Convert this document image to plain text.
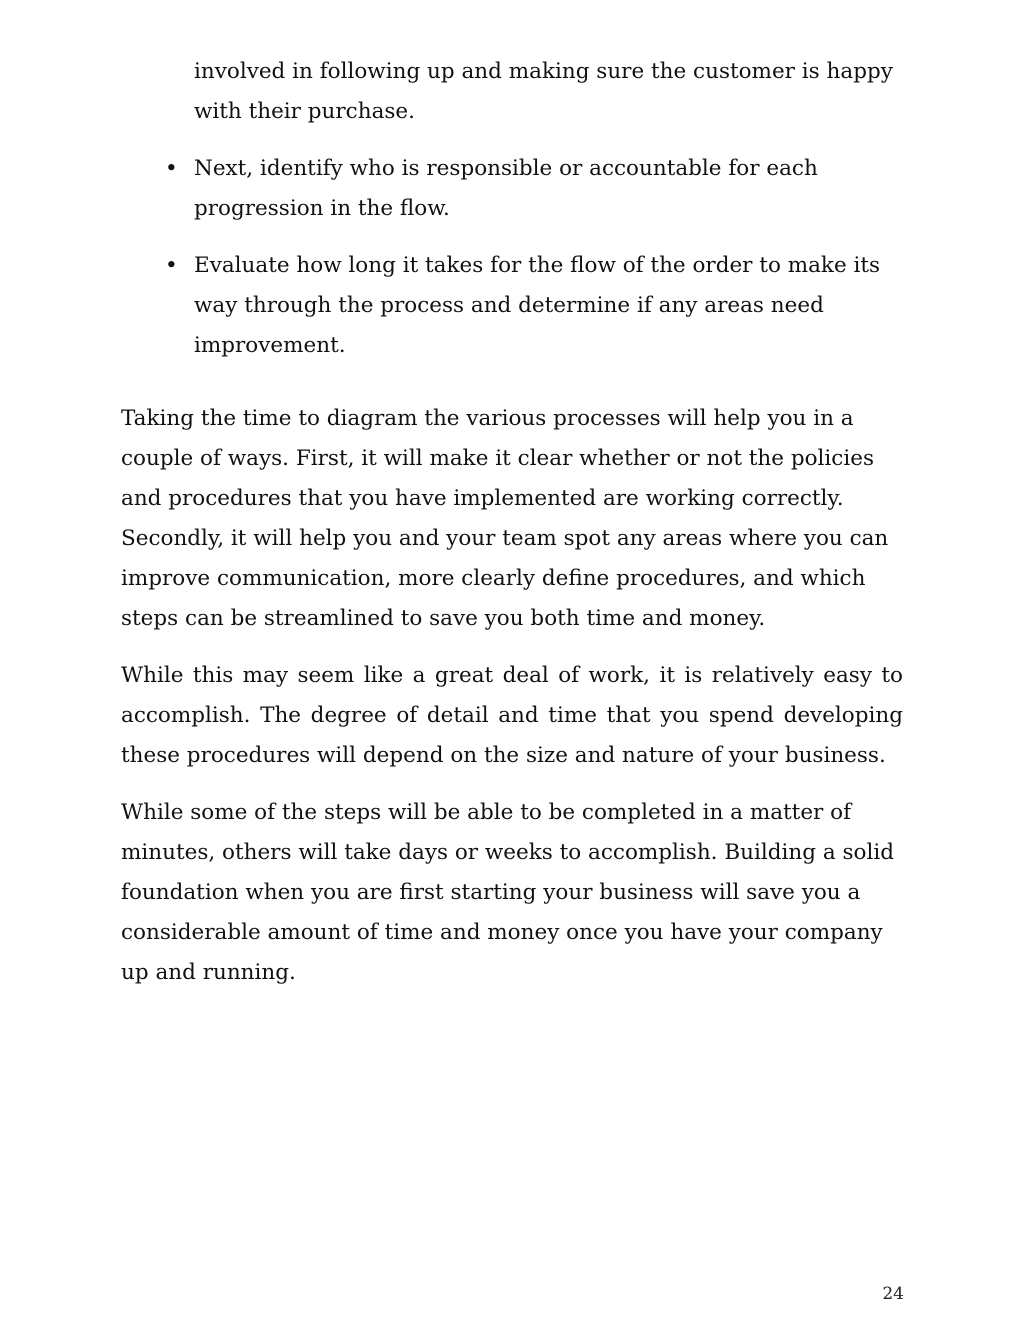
involved in following up and making sure the customer is happy with their purchase.
• Next, identify who is responsible or accountable for each progression in the flow.
• Evaluate how long it takes for the flow of the order to make its way through the process and determine if any areas need improvement.

Taking the time to diagram the various processes will help you in a couple of ways. First, it will make it clear whether or not the policies and procedures that you have implemented are working correctly. Secondly, it will help you and your team spot any areas where you can improve communication, more clearly define procedures, and which steps can be streamlined to save you both time and money.

While this may seem like a great deal of work, it is relatively easy to accomplish. The degree of detail and time that you spend developing these procedures will depend on the size and nature of your business.

While some of the steps will be able to be completed in a matter of minutes, others will take days or weeks to accomplish. Building a solid foundation when you are first starting your business will save you a considerable amount of time and money once you have your company up and running.

24
